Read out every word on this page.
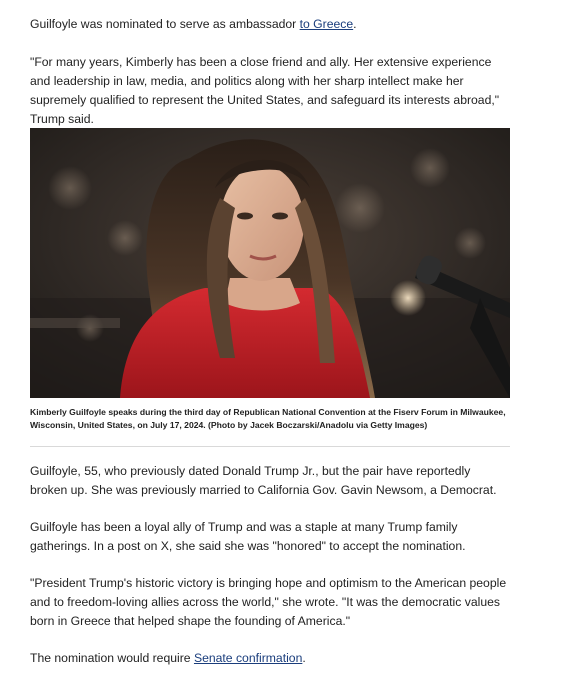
Guilfoyle was nominated to serve as ambassador to Greece.

"For many years, Kimberly has been a close friend and ally. Her extensive experience and leadership in law, media, and politics along with her sharp intellect make her supremely qualified to represent the United States, and safeguard its interests abroad," Trump said.

Kimberly Guilfoyle speaks during the third day of Republican National Convention at the Fiserv Forum in Milwaukee, Wisconsin, United States, on July 17, 2024. (Photo by Jacek Boczarski/Anadolu via Getty Images)

Guilfoyle, 55, who previously dated Donald Trump Jr., but the pair have reportedly broken up. She was previously married to California Gov. Gavin Newsom, a Democrat.

Guilfoyle has been a loyal ally of Trump and was a staple at many Trump family gatherings. In a post on X, she said she was "honored" to accept the nomination.

"President Trump's historic victory is bringing hope and optimism to the American people and to freedom-loving allies across the world," she wrote. "It was the democratic values born in Greece that helped shape the founding of America."

The nomination would require Senate confirmation.
